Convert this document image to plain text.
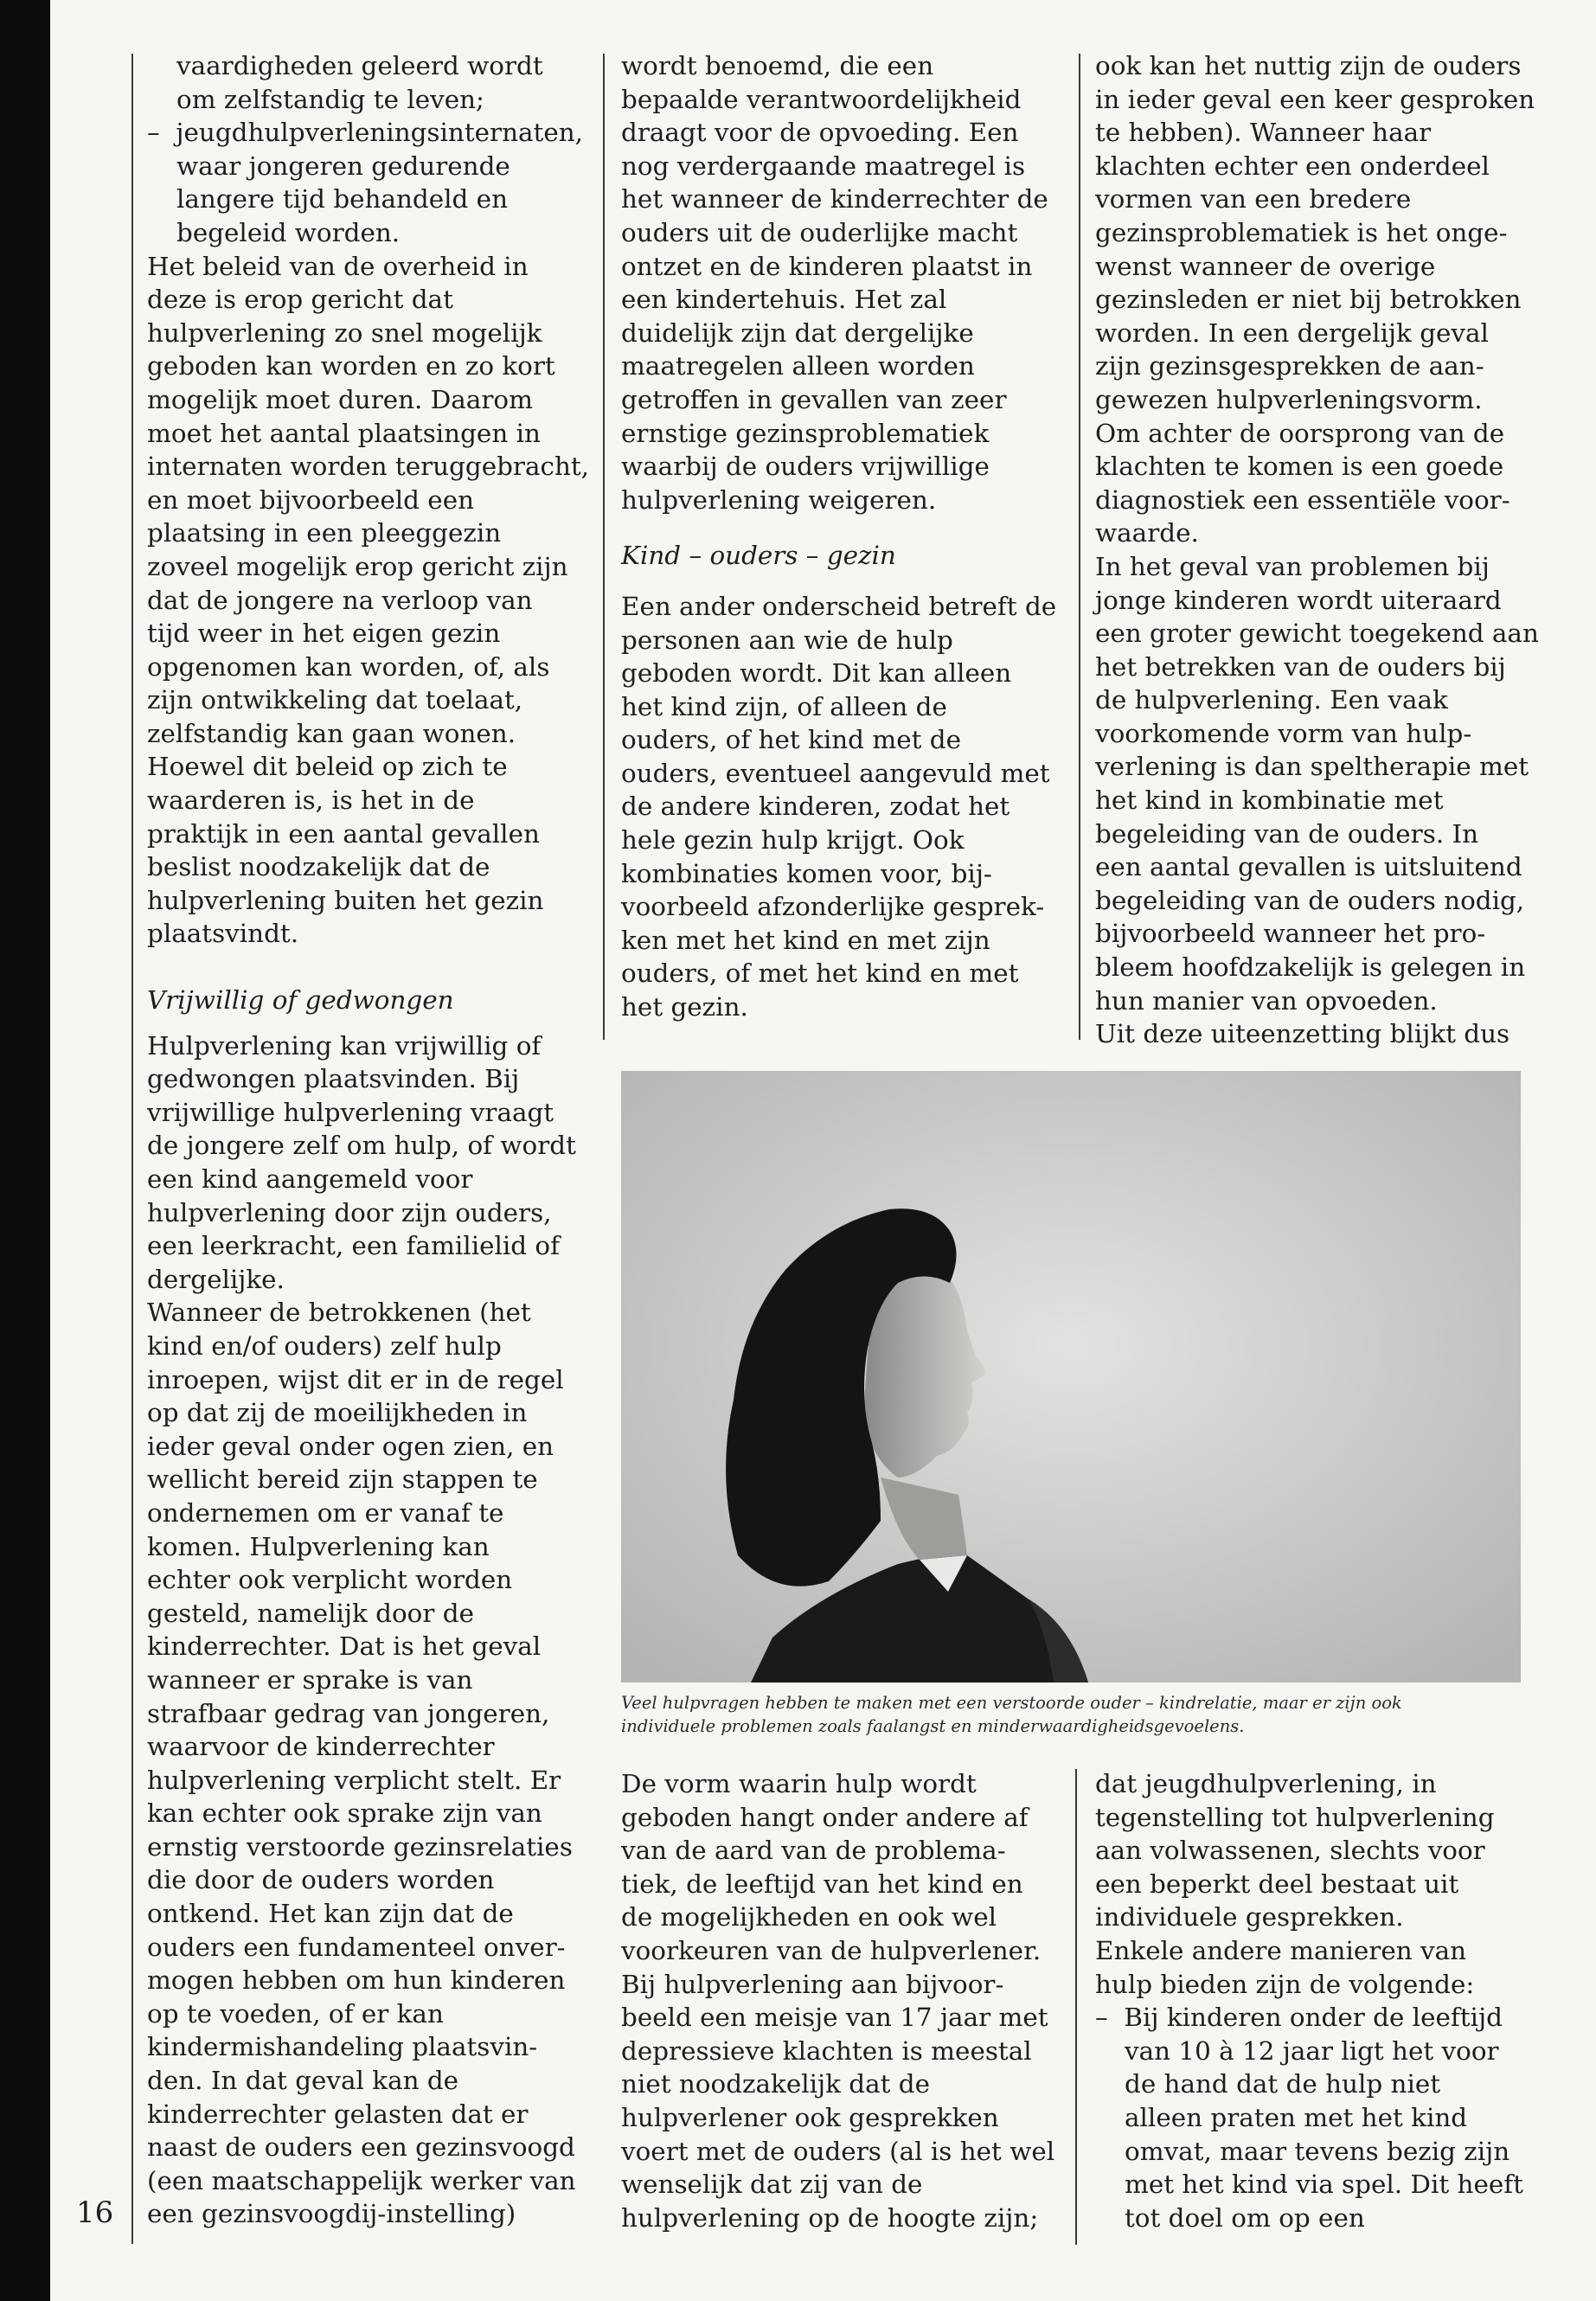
16
vaardigheden geleerd wordt
om zelfstandig te leven;
–  jeugdhulpverleningsinternaten,
waar jongeren gedurende
langere tijd behandeld en
begeleid worden.

Het beleid van de overheid in
deze is erop gericht dat
hulpverlening zo snel mogelijk
geboden kan worden en zo kort
mogelijk moet duren. Daarom
moet het aantal plaatsingen in
internaten worden teruggebracht,
en moet bijvoorbeeld een
plaatsing in een pleeggezin
zoveel mogelijk erop gericht zijn
dat de jongere na verloop van
tijd weer in het eigen gezin
opgenomen kan worden, of, als
zijn ontwikkeling dat toelaat,
zelfstandig kan gaan wonen.
Hoewel dit beleid op zich te
waarderen is, is het in de
praktijk in een aantal gevallen
beslist noodzakelijk dat de
hulpverlening buiten het gezin
plaatsvindt.

Vrijwillig of gedwongen

Hulpverlening kan vrijwillig of
gedwongen plaatsvinden. Bij
vrijwillige hulpverlening vraagt
de jongere zelf om hulp, of wordt
een kind aangemeld voor
hulpverlening door zijn ouders,
een leerkracht, een familielid of
dergelijke.

Wanneer de betrokkenen (het
kind en/of ouders) zelf hulp
inroepen, wijst dit er in de regel
op dat zij de moeilijkheden in
ieder geval onder ogen zien, en
wellicht bereid zijn stappen te
ondernemen om er vanaf te
komen. Hulpverlening kan
echter ook verplicht worden
gesteld, namelijk door de
kinderrechter. Dat is het geval
wanneer er sprake is van
strafbaar gedrag van jongeren,
waarvoor de kinderrechter
hulpverlening verplicht stelt. Er
kan echter ook sprake zijn van
ernstig verstoorde gezinsrelaties
die door de ouders worden
ontkend. Het kan zijn dat de
ouders een fundamenteel onver-
mogen hebben om hun kinderen
op te voeden, of er kan
kindermishandeling plaatsvin-
den. In dat geval kan de
kinderrechter gelasten dat er
naast de ouders een gezinsvoogd
(een maatschappelijk werker van
een gezinsvoogdij-instelling)

wordt benoemd, die een
bepaalde verantwoordelijkheid
draagt voor de opvoeding. Een
nog verdergaande maatregel is
het wanneer de kinderrechter de
ouders uit de ouderlijke macht
ontzet en de kinderen plaatst in
een kindertehuis. Het zal
duidelijk zijn dat dergelijke
maatregelen alleen worden
getroffen in gevallen van zeer
ernstige gezinsproblematiek
waarbij de ouders vrijwillige
hulpverlening weigeren.

Kind – ouders – gezin

Een ander onderscheid betreft de
personen aan wie de hulp
geboden wordt. Dit kan alleen
het kind zijn, of alleen de
ouders, of het kind met de
ouders, eventueel aangevuld met
de andere kinderen, zodat het
hele gezin hulp krijgt. Ook
kombinaties komen voor, bij-
voorbeeld afzonderlijke gesprek-
ken met het kind en met zijn
ouders, of met het kind en met
het gezin.

ook kan het nuttig zijn de ouders
in ieder geval een keer gesproken
te hebben). Wanneer haar
klachten echter een onderdeel
vormen van een bredere
gezinsproblematiek is het onge-
wenst wanneer de overige
gezinsleden er niet bij betrokken
worden. In een dergelijk geval
zijn gezinsgesprekken de aan-
gewezen hulpverleningsvorm.

Om achter de oorsprong van de
klachten te komen is een goede
diagnostiek een essentiële voor-
waarde.

In het geval van problemen bij
jonge kinderen wordt uiteraard
een groter gewicht toegekend aan
het betrekken van de ouders bij
de hulpverlening. Een vaak
voorkomende vorm van hulp-
verlening is dan speltherapie met
het kind in kombinatie met
begeleiding van de ouders. In
een aantal gevallen is uitsluitend
begeleiding van de ouders nodig,
bijvoorbeeld wanneer het pro-
bleem hoofdzakelijk is gelegen in
hun manier van opvoeden.

Uit deze uiteenzetting blijkt dus

Veel hulpvragen hebben te maken met een verstoorde ouder – kindrelatie, maar er zijn ook
individuele problemen zoals faalangst en minderwaardigheidsgevoelens.

De vorm waarin hulp wordt
geboden hangt onder andere af
van de aard van de problema-
tiek, de leeftijd van het kind en
de mogelijkheden en ook wel
voorkeuren van de hulpverlener.
Bij hulpverlening aan bijvoor-
beeld een meisje van 17 jaar met
depressieve klachten is meestal
niet noodzakelijk dat de
hulpverlener ook gesprekken
voert met de ouders (al is het wel
wenselijk dat zij van de
hulpverlening op de hoogte zijn;

dat jeugdhulpverlening, in
tegenstelling tot hulpverlening
aan volwassenen, slechts voor
een beperkt deel bestaat uit
individuele gesprekken.

Enkele andere manieren van
hulp bieden zijn de volgende:

–  Bij kinderen onder de leeftijd
van 10 à 12 jaar ligt het voor
de hand dat de hulp niet
alleen praten met het kind
omvat, maar tevens bezig zijn
met het kind via spel. Dit heeft
tot doel om op een
